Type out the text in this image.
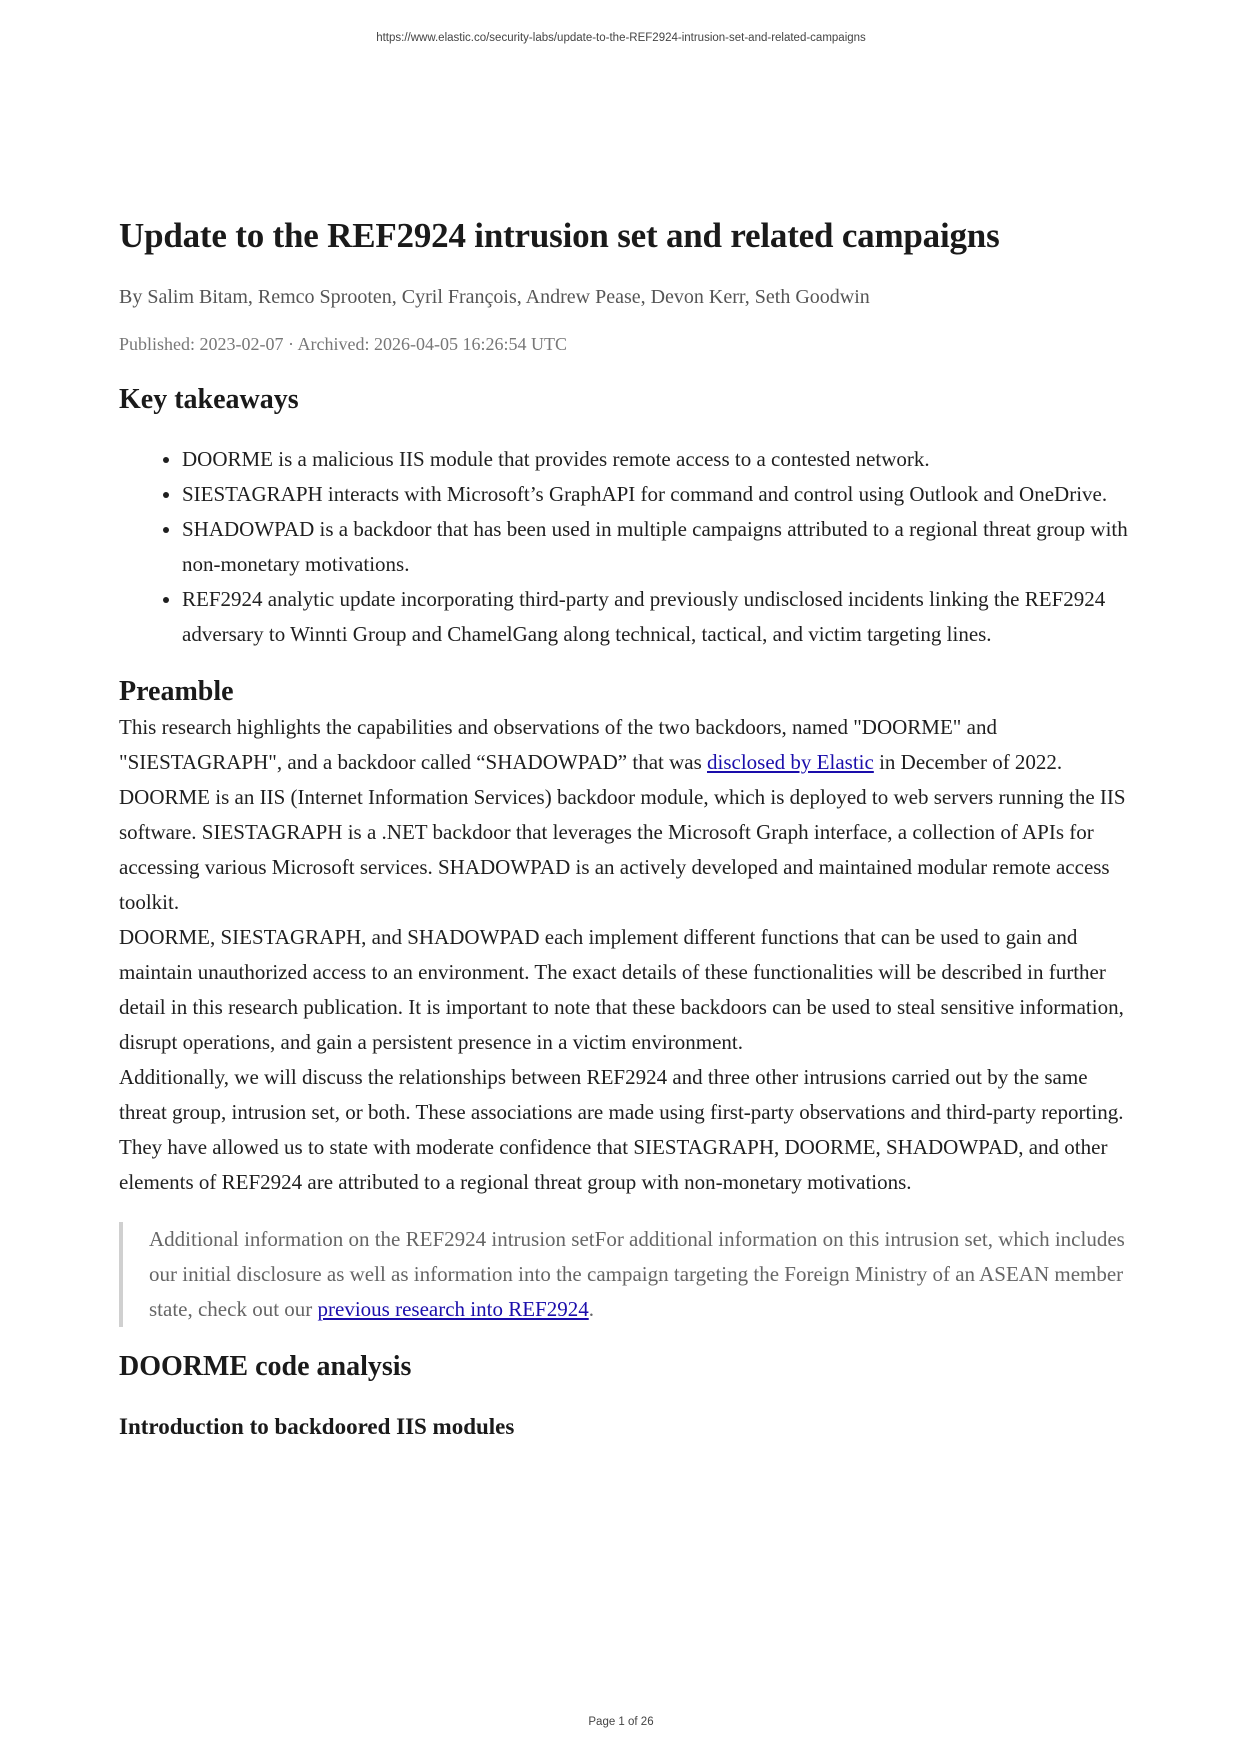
https://www.elastic.co/security-labs/update-to-the-REF2924-intrusion-set-and-related-campaigns
Update to the REF2924 intrusion set and related campaigns
By Salim Bitam, Remco Sprooten, Cyril François, Andrew Pease, Devon Kerr, Seth Goodwin
Published: 2023-02-07 · Archived: 2026-04-05 16:26:54 UTC
Key takeaways
• DOORME is a malicious IIS module that provides remote access to a contested network.
• SIESTAGRAPH interacts with Microsoft’s GraphAPI for command and control using Outlook and OneDrive.
• SHADOWPAD is a backdoor that has been used in multiple campaigns attributed to a regional threat group with non-monetary motivations.
• REF2924 analytic update incorporating third-party and previously undisclosed incidents linking the REF2924 adversary to Winnti Group and ChamelGang along technical, tactical, and victim targeting lines.
Preamble

This research highlights the capabilities and observations of the two backdoors, named "DOORME" and "SIESTAGRAPH", and a backdoor called “SHADOWPAD” that was disclosed by Elastic in December of 2022. DOORME is an IIS (Internet Information Services) backdoor module, which is deployed to web servers running the IIS software. SIESTAGRAPH is a .NET backdoor that leverages the Microsoft Graph interface, a collection of APIs for accessing various Microsoft services. SHADOWPAD is an actively developed and maintained modular remote access toolkit.

DOORME, SIESTAGRAPH, and SHADOWPAD each implement different functions that can be used to gain and maintain unauthorized access to an environment. The exact details of these functionalities will be described in further detail in this research publication. It is important to note that these backdoors can be used to steal sensitive information, disrupt operations, and gain a persistent presence in a victim environment.

Additionally, we will discuss the relationships between REF2924 and three other intrusions carried out by the same threat group, intrusion set, or both. These associations are made using first-party observations and third-party reporting. They have allowed us to state with moderate confidence that SIESTAGRAPH, DOORME, SHADOWPAD, and other elements of REF2924 are attributed to a regional threat group with non-monetary motivations.

Additional information on the REF2924 intrusion setFor additional information on this intrusion set, which includes our initial disclosure as well as information into the campaign targeting the Foreign Ministry of an ASEAN member state, check out our previous research into REF2924.
DOORME code analysis
Introduction to backdoored IIS modules
Page 1 of 26
